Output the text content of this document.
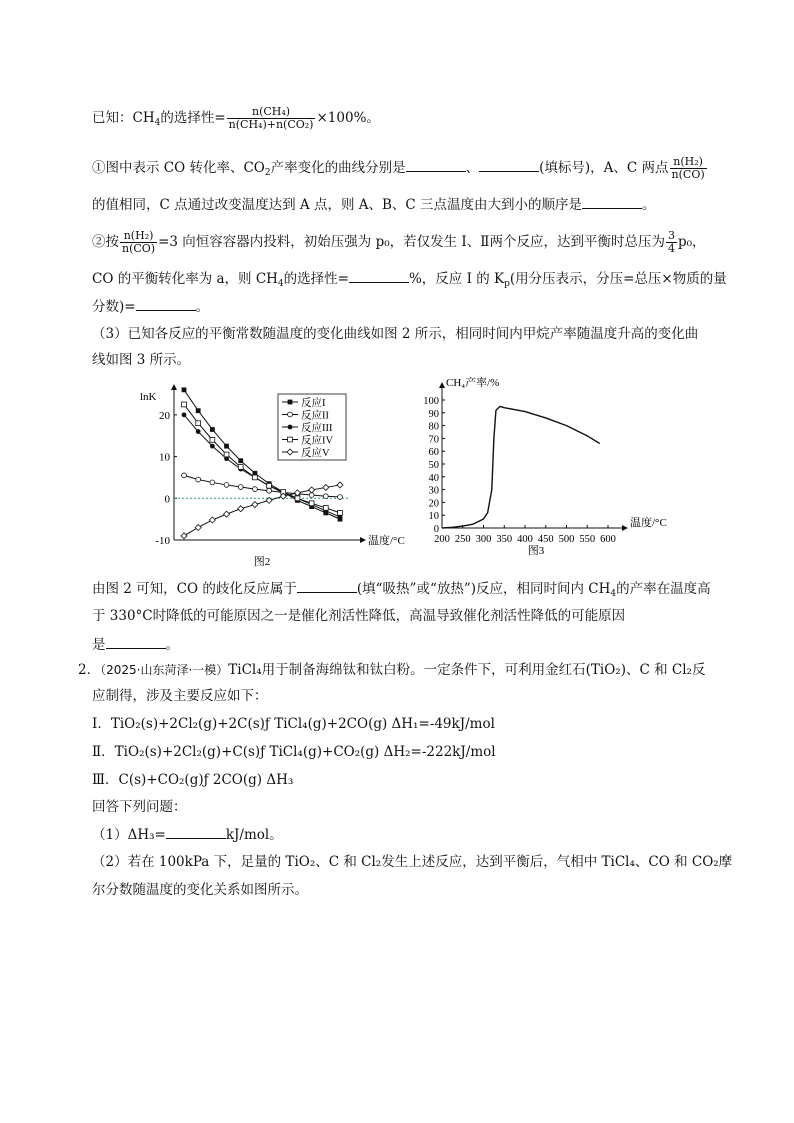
已知：$CH_4$的选择性= $\frac{\text{n(CH₄)}}{\text{n(CH₄)+n(CO₂)}} \times 100\%$。
①图中表示 CO 转化率、$CO_2$产率变化的曲线分别是	、	(填标号)，A、C 两点 $\frac{\text{n(H₂)}}{n(CO)}$
的值相同，C 点通过改变温度达到 A 点，则 A、B、C 三点温度由大到小的顺序是	。
②按 $\frac{\text{n(H₂)}}{n(CO)} =3$ 向恒容容器内投料，初始压强为 p₀，若仅发生 Ⅰ、Ⅱ两个反应，达到平衡时总压为 $\frac{3}{4} p_0$，
CO 的平衡转化率为 a，则 $CH_4$的选择性=	%，反应 I 的 $K_p$(用分压表示，分压=总压×物质的量
分数)=	。
（3）已知各反应的平衡常数随温度的变化曲线如图 2 所示，相同时间内甲烷产率随温度升高的变化曲
线如图 3 所示。
lnK
温度/°C
20
10
0
-10
反应I
反应II
反应III
反应IV
反应V
图2
CH₄产率/%
温度/°C
100
90
80
70
60
50
40
30
20
10
0
200 250 300 350 400 450 500 550 600
图3
由图 2 可知，CO 的歧化反应属于	(填“吸热”或“放热”)反应，相同时间内 $CH_4$的产率在温度高
于 330°C时降低的可能原因之一是催化剂活性降低，高温导致催化剂活性降低的可能原因
是	。
2．（2025·山东菏泽·一模）TiCl₄用于制备海绵钛和钛白粉。一定条件下，可利用金红石(TiO₂)、C 和 Cl₂反
应制得，涉及主要反应如下：
Ⅰ．TiO₂(s)+2Cl₂(g)+2C(s)ƒ TiCl₄(g)+2CO(g) ΔH₁=-49kJ/mol
Ⅱ．TiO₂(s)+2Cl₂(g)+C(s)ƒ TiCl₄(g)+CO₂(g) ΔH₂=-222kJ/mol
Ⅲ．C(s)+CO₂(g)ƒ 2CO(g) ΔH₃
回答下列问题：
（1）ΔH₃=	kJ/mol。
（2）若在 100kPa 下，足量的 TiO₂、C 和 Cl₂发生上述反应，达到平衡后，气相中 TiCl₄、CO 和 CO₂摩
尔分数随温度的变化关系如图所示。
